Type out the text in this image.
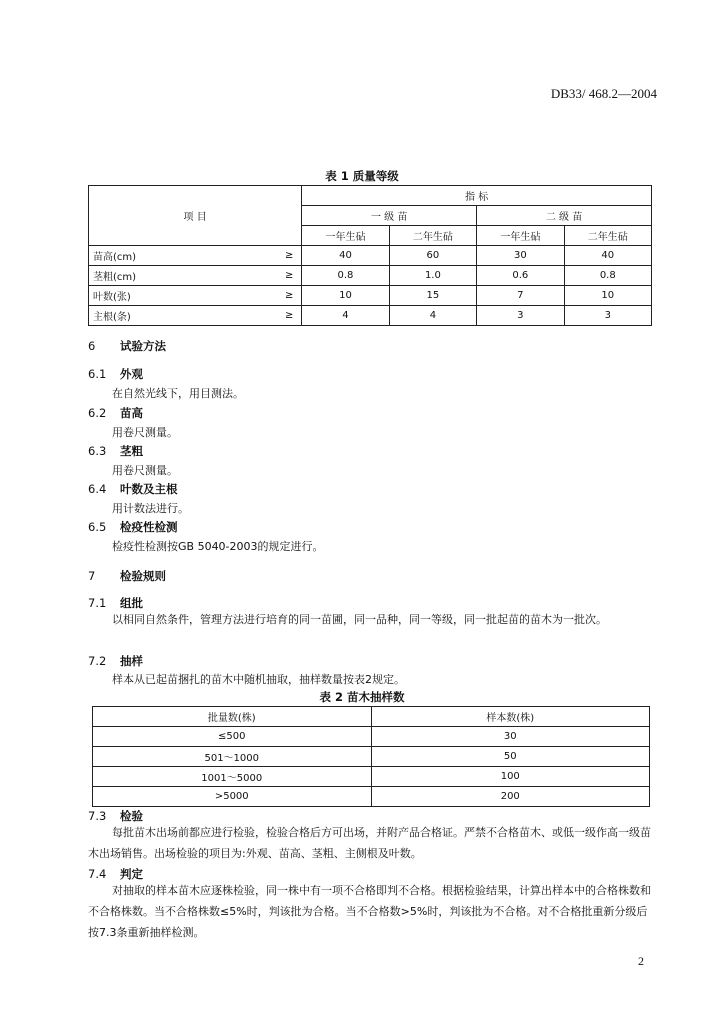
DB33/ 468.2—2004
表 1 质量等级
项 目		指 标			
		一 级 苗		二 级 苗	
		一年生砧	二年生砧	一年生砧	二年生砧
苗高(cm)	≥	40	60	30	40
茎粗(cm)	≥	0.8	1.0	0.6	0.8
叶数(张)	≥	10	15	7	10
主根(条)	≥	4	4	3	3
6 试验方法
6.1 外观
在自然光线下，用目测法。
6.2 苗高
用卷尺测量。
6.3 茎粗
用卷尺测量。
6.4 叶数及主根
用计数法进行。
6.5 检疫性检测
检疫性检测按GB 5040-2003的规定进行。
7 检验规则
7.1 组批
以相同自然条件，管理方法进行培育的同一苗圃，同一品种，同一等级，同一批起苗的苗木为一批次。
7.2 抽样
样本从已起苗捆扎的苗木中随机抽取，抽样数量按表2规定。
表 2 苗木抽样数
批量数(株)	样本数(株)
≤500	30
501～1000	50
1001～5000	100
>5000	200
7.3 检验
每批苗木出场前都应进行检验，检验合格后方可出场，并附产品合格证。严禁不合格苗木、或低一级作高一级苗木出场销售。出场检验的项目为:外观、苗高、茎粗、主侧根及叶数。
7.4 判定
对抽取的样本苗木应逐株检验，同一株中有一项不合格即判不合格。根据检验结果，计算出样本中的合格株数和不合格株数。当不合格株数≤5%时，判该批为合格。当不合格数>5%时，判该批为不合格。对不合格批重新分级后按7.3条重新抽样检测。
2
